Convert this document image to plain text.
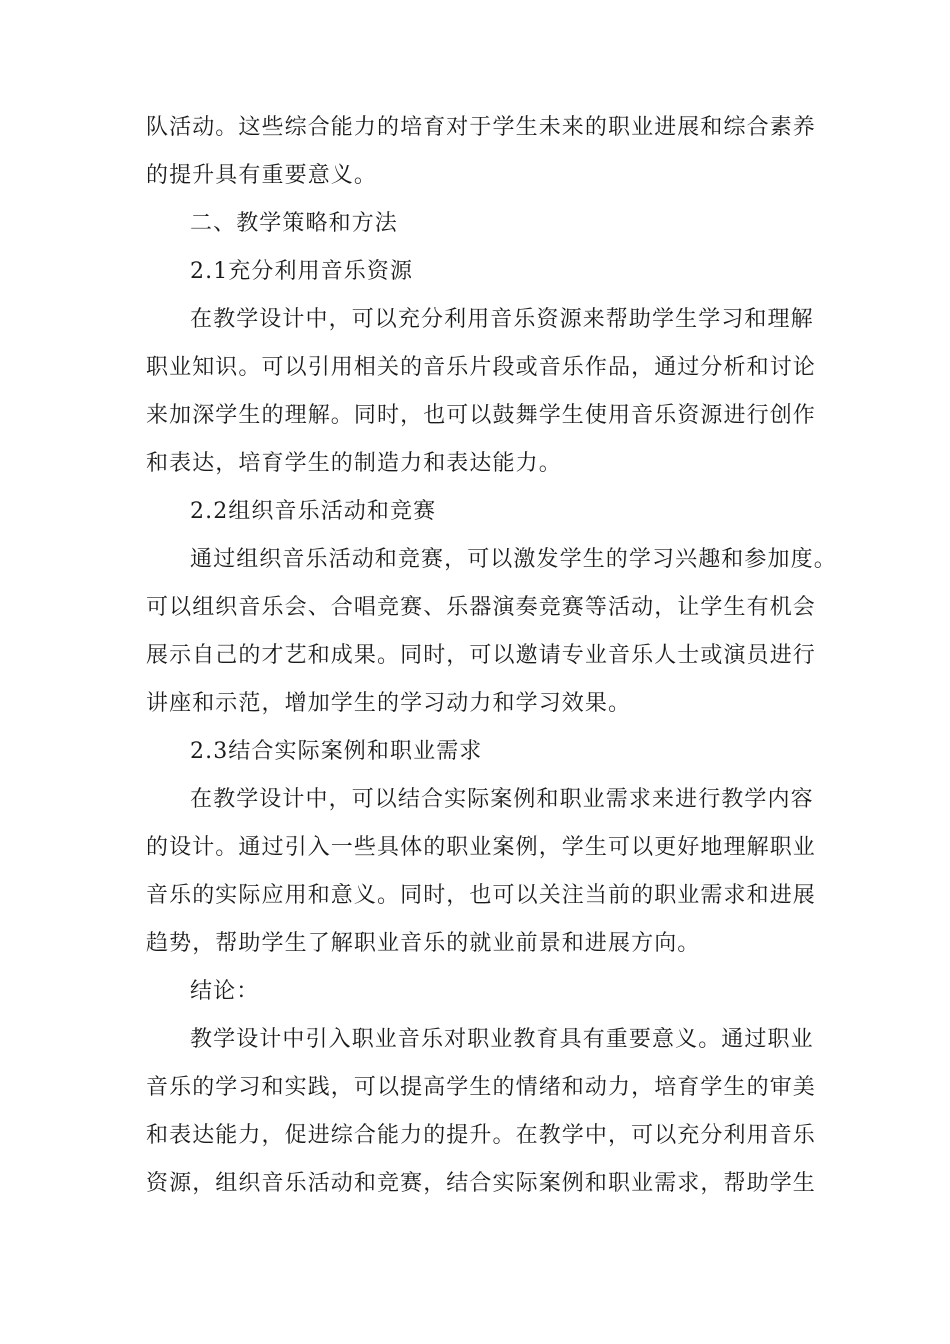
队活动。这些综合能力的培育对于学生未来的职业进展和综合素养
的提升具有重要意义。
二、教学策略和方法
2.1充分利用音乐资源
在教学设计中，可以充分利用音乐资源来帮助学生学习和理解
职业知识。可以引用相关的音乐片段或音乐作品，通过分析和讨论
来加深学生的理解。同时，也可以鼓舞学生使用音乐资源进行创作
和表达，培育学生的制造力和表达能力。
2.2组织音乐活动和竞赛
通过组织音乐活动和竞赛，可以激发学生的学习兴趣和参加度。
可以组织音乐会、合唱竞赛、乐器演奏竞赛等活动，让学生有机会
展示自己的才艺和成果。同时，可以邀请专业音乐人士或演员进行
讲座和示范，增加学生的学习动力和学习效果。
2.3结合实际案例和职业需求
在教学设计中，可以结合实际案例和职业需求来进行教学内容
的设计。通过引入一些具体的职业案例，学生可以更好地理解职业
音乐的实际应用和意义。同时，也可以关注当前的职业需求和进展
趋势，帮助学生了解职业音乐的就业前景和进展方向。
结论：
教学设计中引入职业音乐对职业教育具有重要意义。通过职业
音乐的学习和实践，可以提高学生的情绪和动力，培育学生的审美
和表达能力，促进综合能力的提升。在教学中，可以充分利用音乐
资源，组织音乐活动和竞赛，结合实际案例和职业需求，帮助学生
